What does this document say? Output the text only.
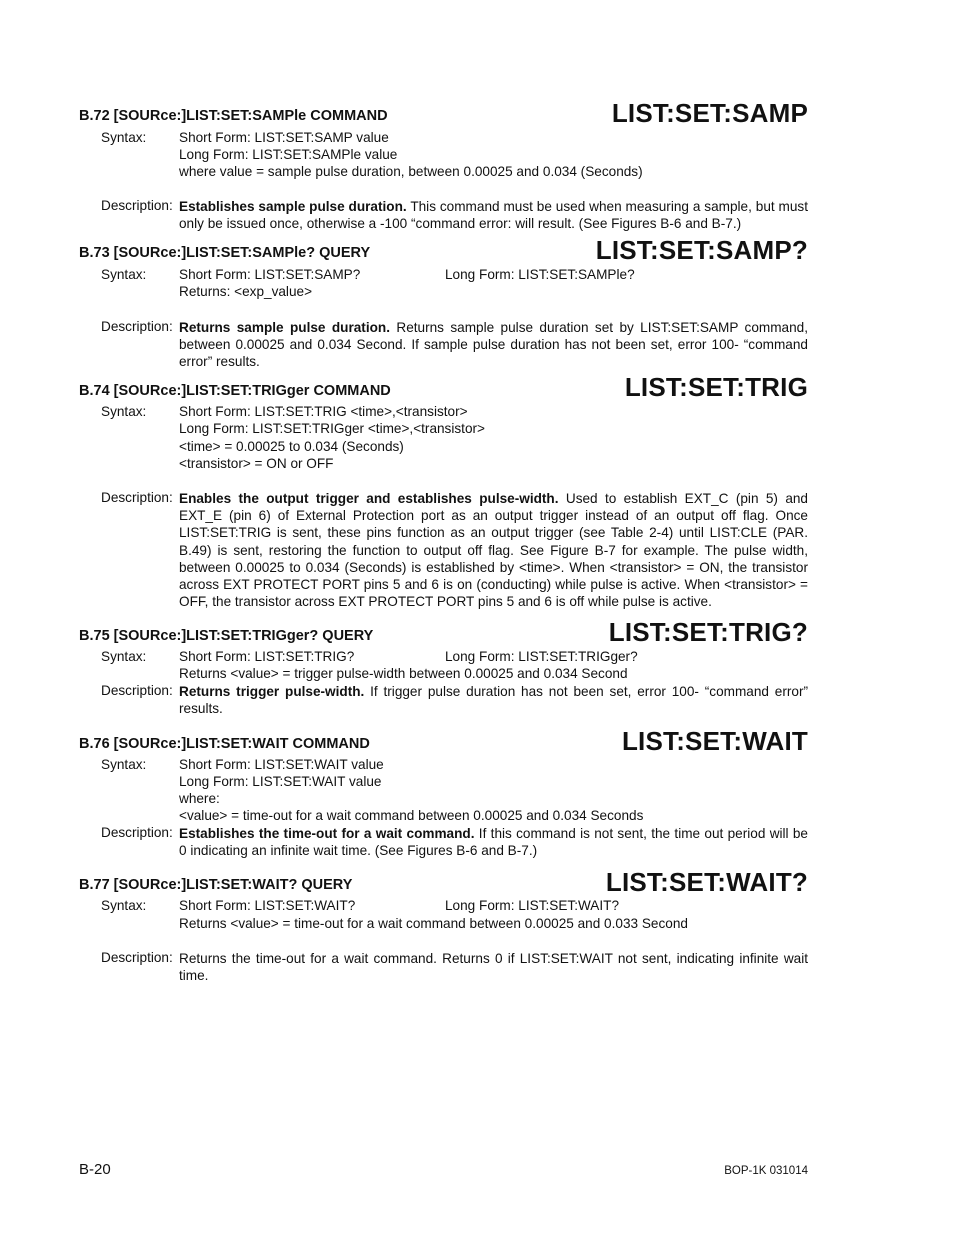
B.72 [SOURce:]LIST:SET:SAMPle COMMAND	LIST:SET:SAMP
Syntax: Short Form: LIST:SET:SAMP value
Long Form: LIST:SET:SAMPle value
where value = sample pulse duration, between 0.00025 and 0.034 (Seconds)
Description: Establishes sample pulse duration. This command must be used when measuring a sample, but must only be issued once, otherwise a -100 “command error: will result. (See Figures B-6 and B-7.)
B.73 [SOURce:]LIST:SET:SAMPle? QUERY	LIST:SET:SAMP?
Syntax: Short Form: LIST:SET:SAMP?	Long Form: LIST:SET:SAMPle?
Returns: <exp_value>
Description: Returns sample pulse duration. Returns sample pulse duration set by LIST:SET:SAMP command, between 0.00025 and 0.034 Second. If sample pulse duration has not been set, error 100- “command error” results.
B.74 [SOURce:]LIST:SET:TRIGger COMMAND	LIST:SET:TRIG
Syntax: Short Form: LIST:SET:TRIG <time>,<transistor>
Long Form: LIST:SET:TRIGger <time>,<transistor>
<time> = 0.00025 to 0.034 (Seconds)
<transistor> = ON or OFF
Description: Enables the output trigger and establishes pulse-width. Used to establish EXT_C (pin 5) and EXT_E (pin 6) of External Protection port as an output trigger instead of an output off flag. Once LIST:SET:TRIG is sent, these pins function as an output trigger (see Table 2-4) until LIST:CLE (PAR. B.49) is sent, restoring the function to output off flag. See Figure B-7 for example. The pulse width, between 0.00025 to 0.034 (Seconds) is established by <time>. When <transistor> = ON, the transistor across EXT PROTECT PORT pins 5 and 6 is on (conducting) while pulse is active. When <transistor> = OFF, the transistor across EXT PROTECT PORT pins 5 and 6 is off while pulse is active.
B.75 [SOURce:]LIST:SET:TRIGger? QUERY	LIST:SET:TRIG?
Syntax: Short Form: LIST:SET:TRIG?	Long Form: LIST:SET:TRIGger?
Returns <value> = trigger pulse-width between 0.00025 and 0.034 Second
Description: Returns trigger pulse-width. If trigger pulse duration has not been set, error 100- “command error” results.
B.76 [SOURce:]LIST:SET:WAIT COMMAND	LIST:SET:WAIT
Syntax: Short Form: LIST:SET:WAIT value
Long Form: LIST:SET:WAIT value
where:
<value> = time-out for a wait command between 0.00025 and 0.034 Seconds
Description: Establishes the time-out for a wait command. If this command is not sent, the time out period will be 0 indicating an infinite wait time. (See Figures B-6 and B-7.)
B.77 [SOURce:]LIST:SET:WAIT? QUERY	LIST:SET:WAIT?
Syntax: Short Form: LIST:SET:WAIT?	Long Form: LIST:SET:WAIT?
Returns <value> = time-out for a wait command between 0.00025 and 0.033 Second
Description: Returns the time-out for a wait command. Returns 0 if LIST:SET:WAIT not sent, indicating infinite wait time.
B-20	BOP-1K 031014
